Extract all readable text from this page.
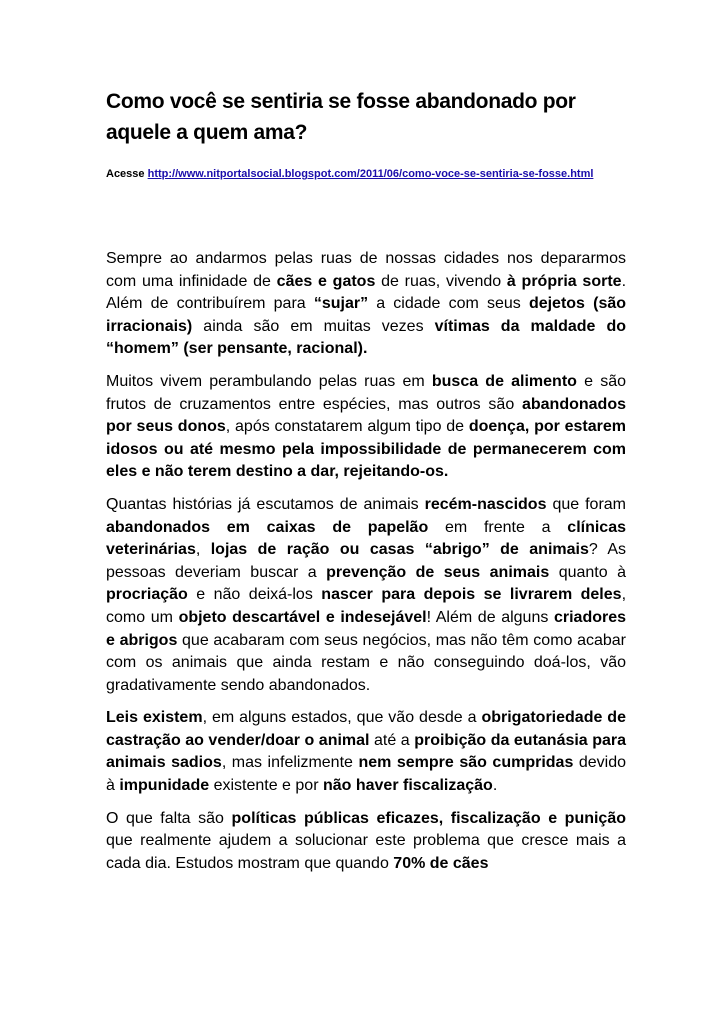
Como você se sentiria se fosse abandonado por aquele a quem ama?
Acesse http://www.nitportalsocial.blogspot.com/2011/06/como-voce-se-sentiria-se-fosse.html

Sempre ao andarmos pelas ruas de nossas cidades nos depararmos com uma infinidade de cães e gatos de ruas, vivendo à própria sorte. Além de contribuírem para “sujar” a cidade com seus dejetos (são irracionais) ainda são em muitas vezes vítimas da maldade do “homem” (ser pensante, racional).

Muitos vivem perambulando pelas ruas em busca de alimento e são frutos de cruzamentos entre espécies, mas outros são abandonados por seus donos, após constatarem algum tipo de doença, por estarem idosos ou até mesmo pela impossibilidade de permanecerem com eles e não terem destino a dar, rejeitando-os.

Quantas histórias já escutamos de animais recém-nascidos que foram abandonados em caixas de papelão em frente a clínicas veterinárias, lojas de ração ou casas “abrigo” de animais? As pessoas deveriam buscar a prevenção de seus animais quanto à procriação e não deixá-los nascer para depois se livrarem deles, como um objeto descartável e indesejável! Além de alguns criadores e abrigos que acabaram com seus negócios, mas não têm como acabar com os animais que ainda restam e não conseguindo doá-los, vão gradativamente sendo abandonados.

Leis existem, em alguns estados, que vão desde a obrigatoriedade de castração ao vender/doar o animal até a proibição da eutanásia para animais sadios, mas infelizmente nem sempre são cumpridas devido à impunidade existente e por não haver fiscalização.

O que falta são políticas públicas eficazes, fiscalização e punição que realmente ajudem a solucionar este problema que cresce mais a cada dia. Estudos mostram que quando 70% de cães
